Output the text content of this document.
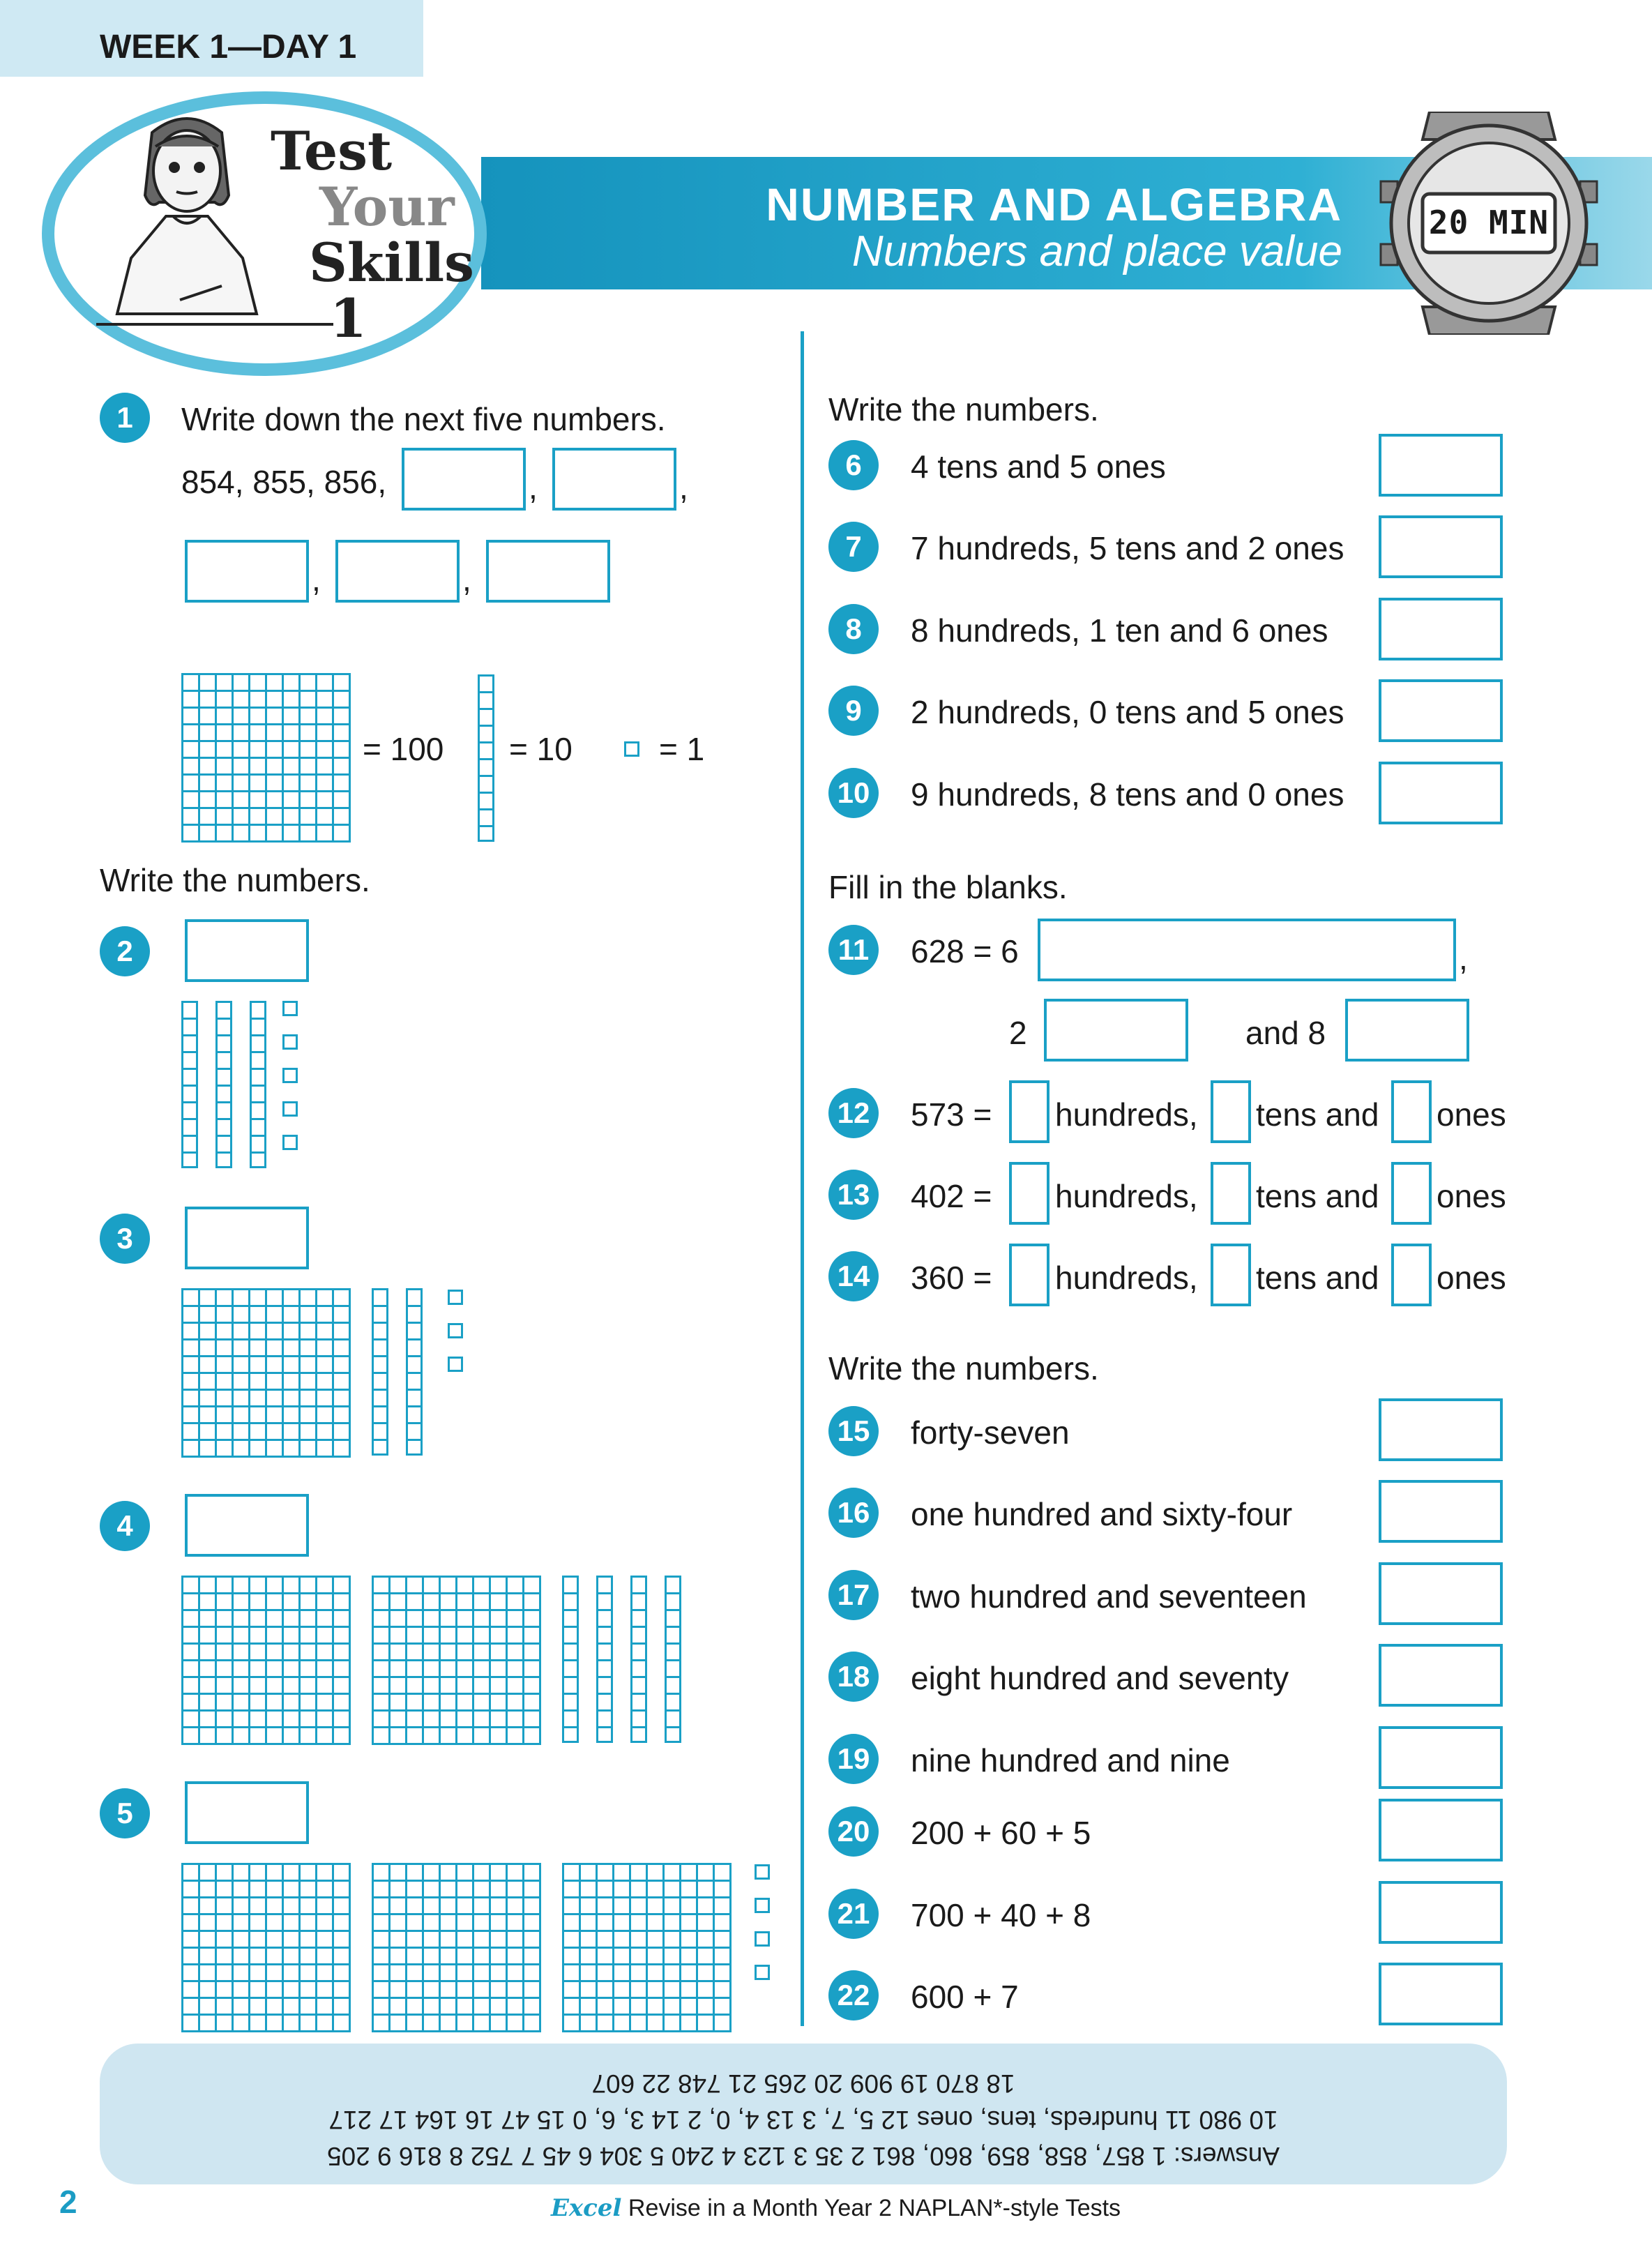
WEEK 1—DAY 1
NUMBER AND ALGEBRA
Numbers and place value
20 MIN
Test
Your
Skills
1
1	Write down the next five numbers.
854, 855, 856,	,	,
,	,
= 100 = 10	= 1
Write the numbers.
2
3
4
5
Write the numbers.
6	4 tens and 5 ones
7	7 hundreds, 5 tens and 2 ones
8	8 hundreds, 1 ten and 6 ones
9	2 hundreds, 0 tens and 5 ones
10 9 hundreds, 8 tens and 0 ones
Fill in the blanks.
11 628 = 6	,
2	and 8
12 573 = hundreds, tens and ones
13 402 = hundreds, tens and ones
14 360 = hundreds, tens and ones
Write the numbers.
15 forty-seven
16 one hundred and sixty-four
17 two hundred and seventeen
18 eight hundred and seventy
19 nine hundred and nine
20 200 + 60 + 5
21 700 + 40 + 8
22 600 + 7
Answers: 1 857, 858, 859, 860, 861 2 35 3 123 4 240 5 304 6 45 7 752 8 816 9 205
10 980 11 hundreds, tens, ones 12 5, 7, 3 13 4, 0, 2 14 3, 6, 0 15 47 16 164 17 217
18 870 19 909 20 265 21 748 22 607
2	Excel Revise in a Month Year 2 NAPLAN*-style Tests
